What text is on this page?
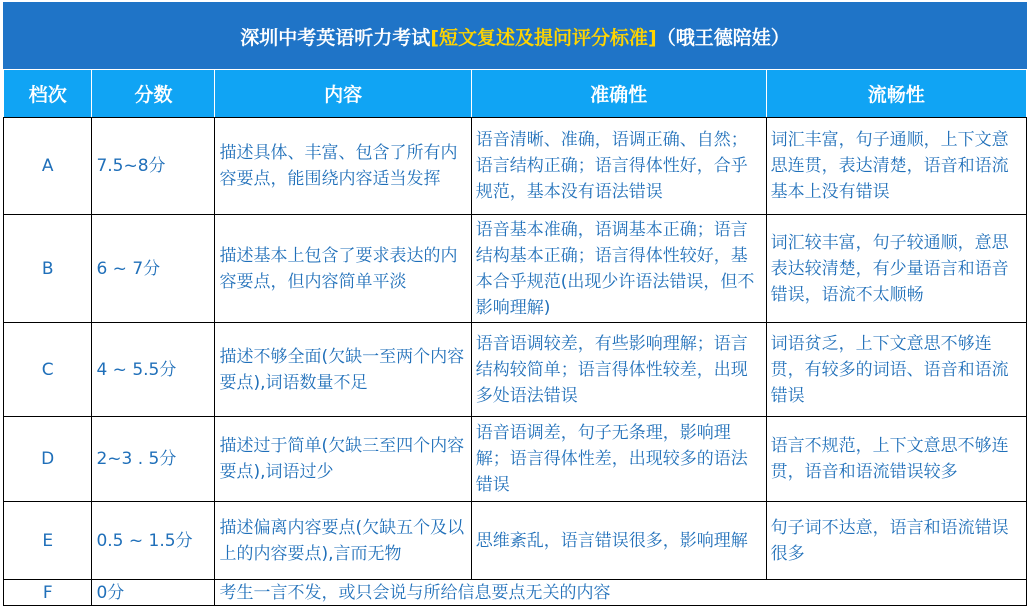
深圳中考英语听力考试[短文复述及提问评分标准]（哦王德陪娃）				
档次	分数	内容	准确性	流畅性
A	7.5~8分	描述具体、丰富、包含了所有内容要点，能围绕内容适当发挥	语音清晰、准确，语调正确、自然；语言结构正确；语言得体性好，合乎规范，基本没有语法错误	词汇丰富，句子通顺，上下文意思连贯，表达清楚，语音和语流基本上没有错误
B	6 ~ 7分	描述基本上包含了要求表达的内容要点，但内容简单平淡	语音基本准确，语调基本正确；语言结构基本正确；语言得体性较好，基本合乎规范(出现少许语法错误，但不影响理解)	词汇较丰富，句子较通顺，意思表达较清楚，有少量语言和语音错误，语流不太顺畅
C	4 ~ 5.5分	描述不够全面(欠缺一至两个内容要点),词语数量不足	语音语调较差，有些影响理解；语言结构较简单；语言得体性较差，出现多处语法错误	词语贫乏，上下文意思不够连贯，有较多的词语、语音和语流错误
D	2~3 . 5分	描述过于简单(欠缺三至四个内容要点),词语过少	语音语调差，句子无条理，影响理解；语言得体性差，出现较多的语法错误	语言不规范，上下文意思不够连贯，语音和语流错误较多
E	0.5 ~ 1.5分	描述偏离内容要点(欠缺五个及以上的内容要点),言而无物	思维紊乱，语言错误很多，影响理解	句子词不达意，语言和语流错误很多
F	0分	考生一言不发，或只会说与所给信息要点无关的内容		
